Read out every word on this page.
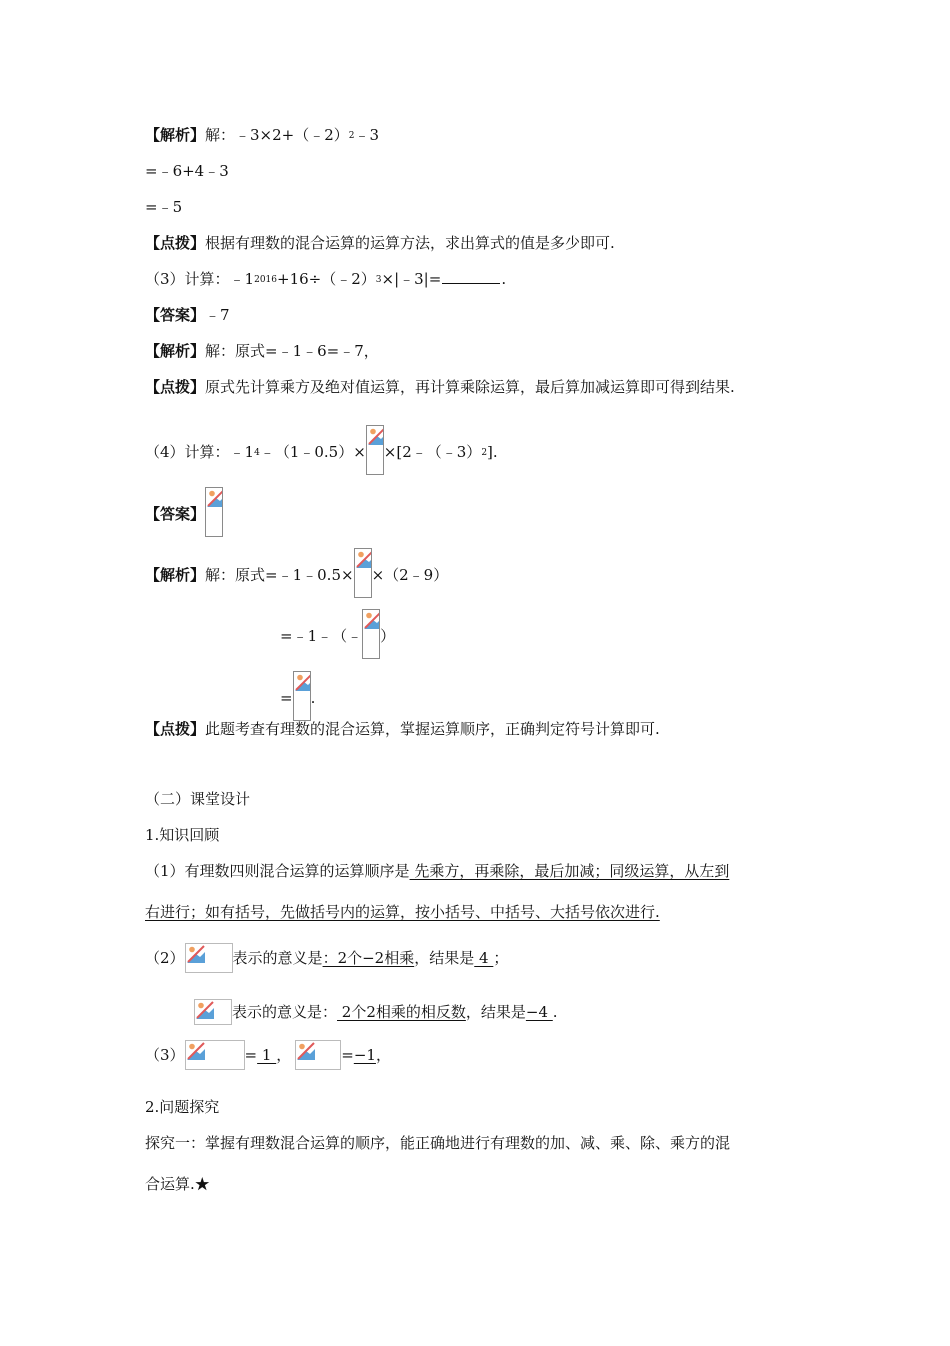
【解析】解：﹣3×2+（﹣2）$^2$﹣3
=﹣6+4﹣3
=﹣5
【点拨】根据有理数的混合运算的运算方法，求出算式的值是多少即可.
（3）计算：$﹣1^{2016}+16\div(﹣2)^3\times|﹣3|=$	.
【答案】﹣7
【解析】解：原式=﹣1﹣6=﹣7，
【点拨】原式先计算乘方及绝对值运算，再计算乘除运算，最后算加减运算即可得到结果.
（4）计算：$﹣1^4﹣(1﹣0.5)\times$ ×[2﹣（﹣3）$^2$].
【答案】
【解析】解：原式=﹣1﹣0.5× ×（2﹣9）
=﹣1﹣（﹣ ）
= .
【点拨】此题考查有理数的混合运算，掌握运算顺序，正确判定符号计算即可.
（二）课堂设计
1.知识回顾
（1）有理数四则混合运算的运算顺序是 先乘方，再乘除，最后加减；同级运算，从左到
右进行；如有括号，先做括号内的运算，按小括号、中括号、大括号依次进行.
（2）	表示的意义是：2个−2相乘，结果是 4 ；
表示的意义是： 2个2相乘的相反数，结果是−4 .
（3）	= 1 ，	=−1，
2.问题探究
探究一：掌握有理数混合运算的顺序，能正确地进行有理数的加、减、乘、除、乘方的混
合运算.★
